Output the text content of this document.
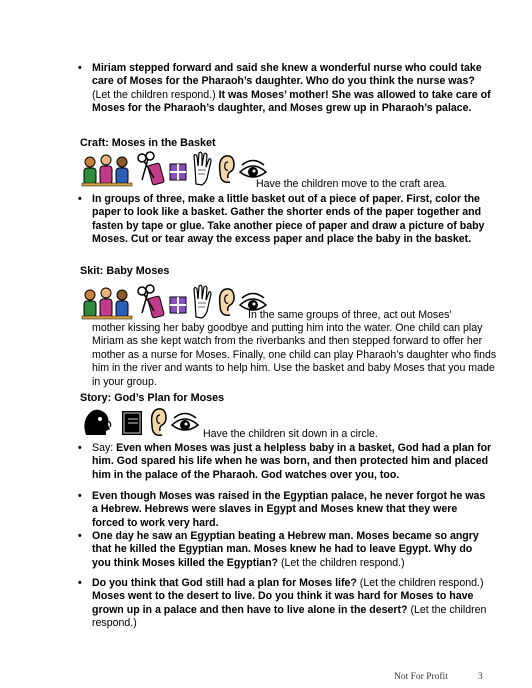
• Miriam stepped forward and said she knew a wonderful nurse who could take care of Moses for the Pharaoh’s daughter. Who do you think the nurse was? (Let the children respond.) It was Moses’ mother! She was allowed to take care of Moses for the Pharaoh’s daughter, and Moses grew up in Pharaoh’s palace.
Craft: Moses in the Basket
Have the children move to the craft area.
• In groups of three, make a little basket out of a piece of paper. First, color the paper to look like a basket. Gather the shorter ends of the paper together and fasten by tape or glue. Take another piece of paper and draw a picture of baby Moses. Cut or tear away the excess paper and place the baby in the basket.
Skit: Baby Moses
In the same groups of three, act out Moses’
mother kissing her baby goodbye and putting him into the water. One child can play Miriam as she kept watch from the riverbanks and then stepped forward to offer her mother as a nurse for Moses. Finally, one child can play Pharaoh’s daughter who finds him in the river and wants to help him. Use the basket and baby Moses that you made in your group.
Story: God’s Plan for Moses
Have the children sit down in a circle.
• Say: Even when Moses was just a helpless baby in a basket, God had a plan for him. God spared his life when he was born, and then protected him and placed him in the palace of the Pharaoh. God watches over you, too.
• Even though Moses was raised in the Egyptian palace, he never forgot he was a Hebrew. Hebrews were slaves in Egypt and Moses knew that they were forced to work very hard.
• One day he saw an Egyptian beating a Hebrew man. Moses became so angry that he killed the Egyptian man. Moses knew he had to leave Egypt. Why do you think Moses killed the Egyptian? (Let the children respond.)
• Do you think that God still had a plan for Moses life? (Let the children respond.) Moses went to the desert to live. Do you think it was hard for Moses to have grown up in a palace and then have to live alone in the desert? (Let the children respond.)
Not For Profit	3
